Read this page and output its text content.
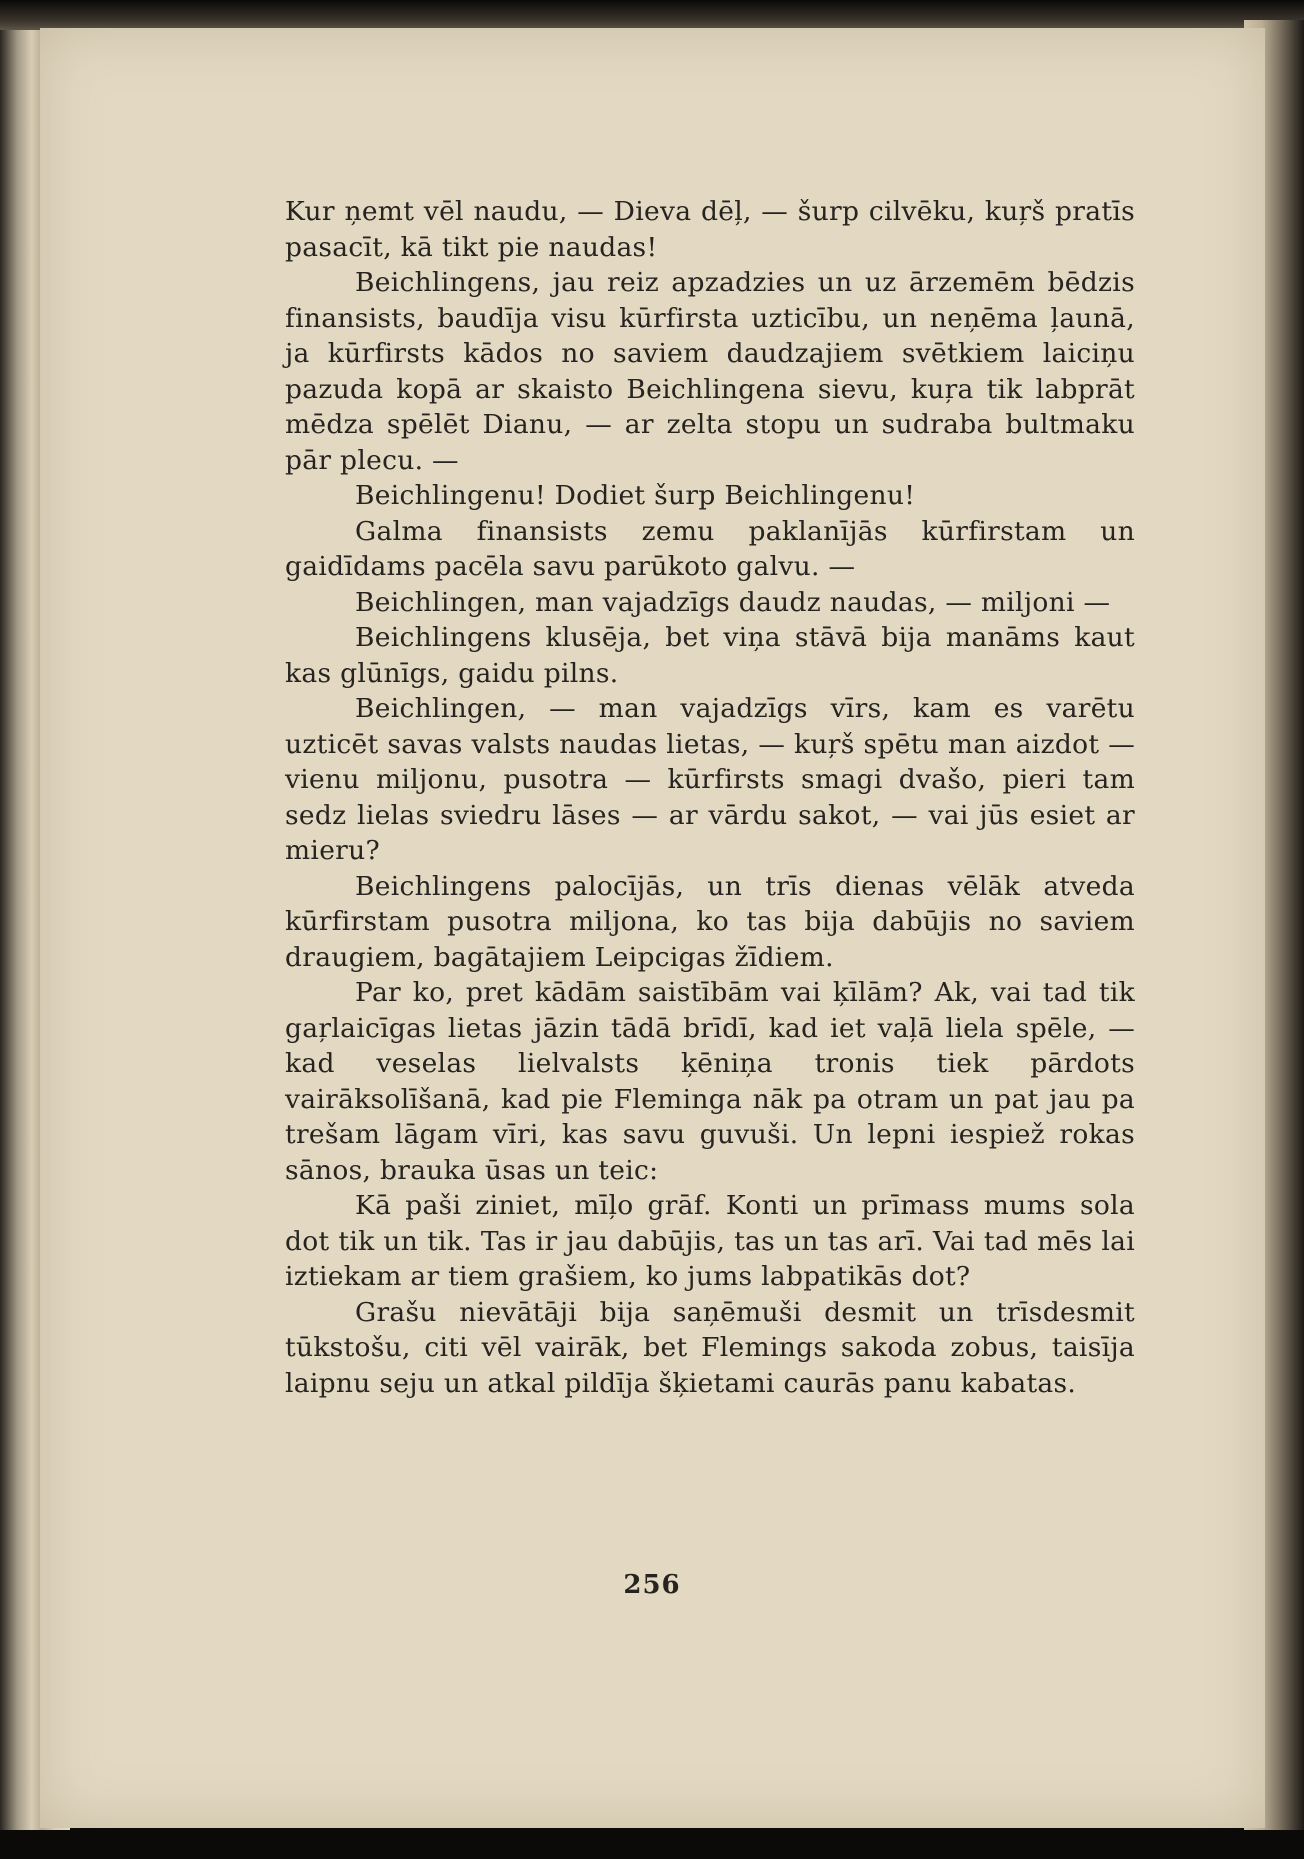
Kur ņemt vēl naudu, — Dieva dēļ, — šurp cilvēku, kuŗš pratīs pasacīt, kā tikt pie naudas!

Beichlingens, jau reiz apzadzies un uz ārzemēm bēdzis finansists, baudīja visu kūrfirsta uzticību, un neņēma ļaunā, ja kūrfirsts kādos no saviem daudzajiem svētkiem laiciņu pazuda kopā ar skaisto Beichlingena sievu, kuŗa tik labprāt mēdza spēlēt Dianu, — ar zelta stopu un sudraba bultmaku pār plecu. —

Beichlingenu! Dodiet šurp Beichlingenu!

Galma finansists zemu paklanījās kūrfirstam un gaidīdams pacēla savu parūkoto galvu. —

Beichlingen, man vajadzīgs daudz naudas, — miljoni —

Beichlingens klusēja, bet viņa stāvā bija manāms kaut kas glūnīgs, gaidu pilns.

Beichlingen, — man vajadzīgs vīrs, kam es varētu uzticēt savas valsts naudas lietas, — kuŗš spētu man aizdot — vienu miljonu, pusotra — kūrfirsts smagi dvašo, pieri tam sedz lielas sviedru lāses — ar vārdu sakot, — vai jūs esiet ar mieru?

Beichlingens palocījās, un trīs dienas vēlāk atveda kūrfirstam pusotra miljona, ko tas bija dabūjis no saviem draugiem, bagātajiem Leipcigas žīdiem.

Par ko, pret kādām saistībām vai ķīlām? Ak, vai tad tik gaŗlaicīgas lietas jāzin tādā brīdī, kad iet vaļā liela spēle, — kad veselas lielvalsts ķēniņa tronis tiek pārdots vairāksolīšanā, kad pie Fleminga nāk pa otram un pat jau pa trešam lāgam vīri, kas savu guvuši. Un lepni iespiež rokas sānos, brauka ūsas un teic:

Kā paši ziniet, mīļo grāf. Konti un prīmass mums sola dot tik un tik. Tas ir jau dabūjis, tas un tas arī. Vai tad mēs lai iztiekam ar tiem grašiem, ko jums labpatikās dot?

Grašu nievātāji bija saņēmuši desmit un trīsdesmit tūkstošu, citi vēl vairāk, bet Flemings sakoda zobus, taisīja laipnu seju un atkal pildīja šķietami caurās panu kabatas.

256
